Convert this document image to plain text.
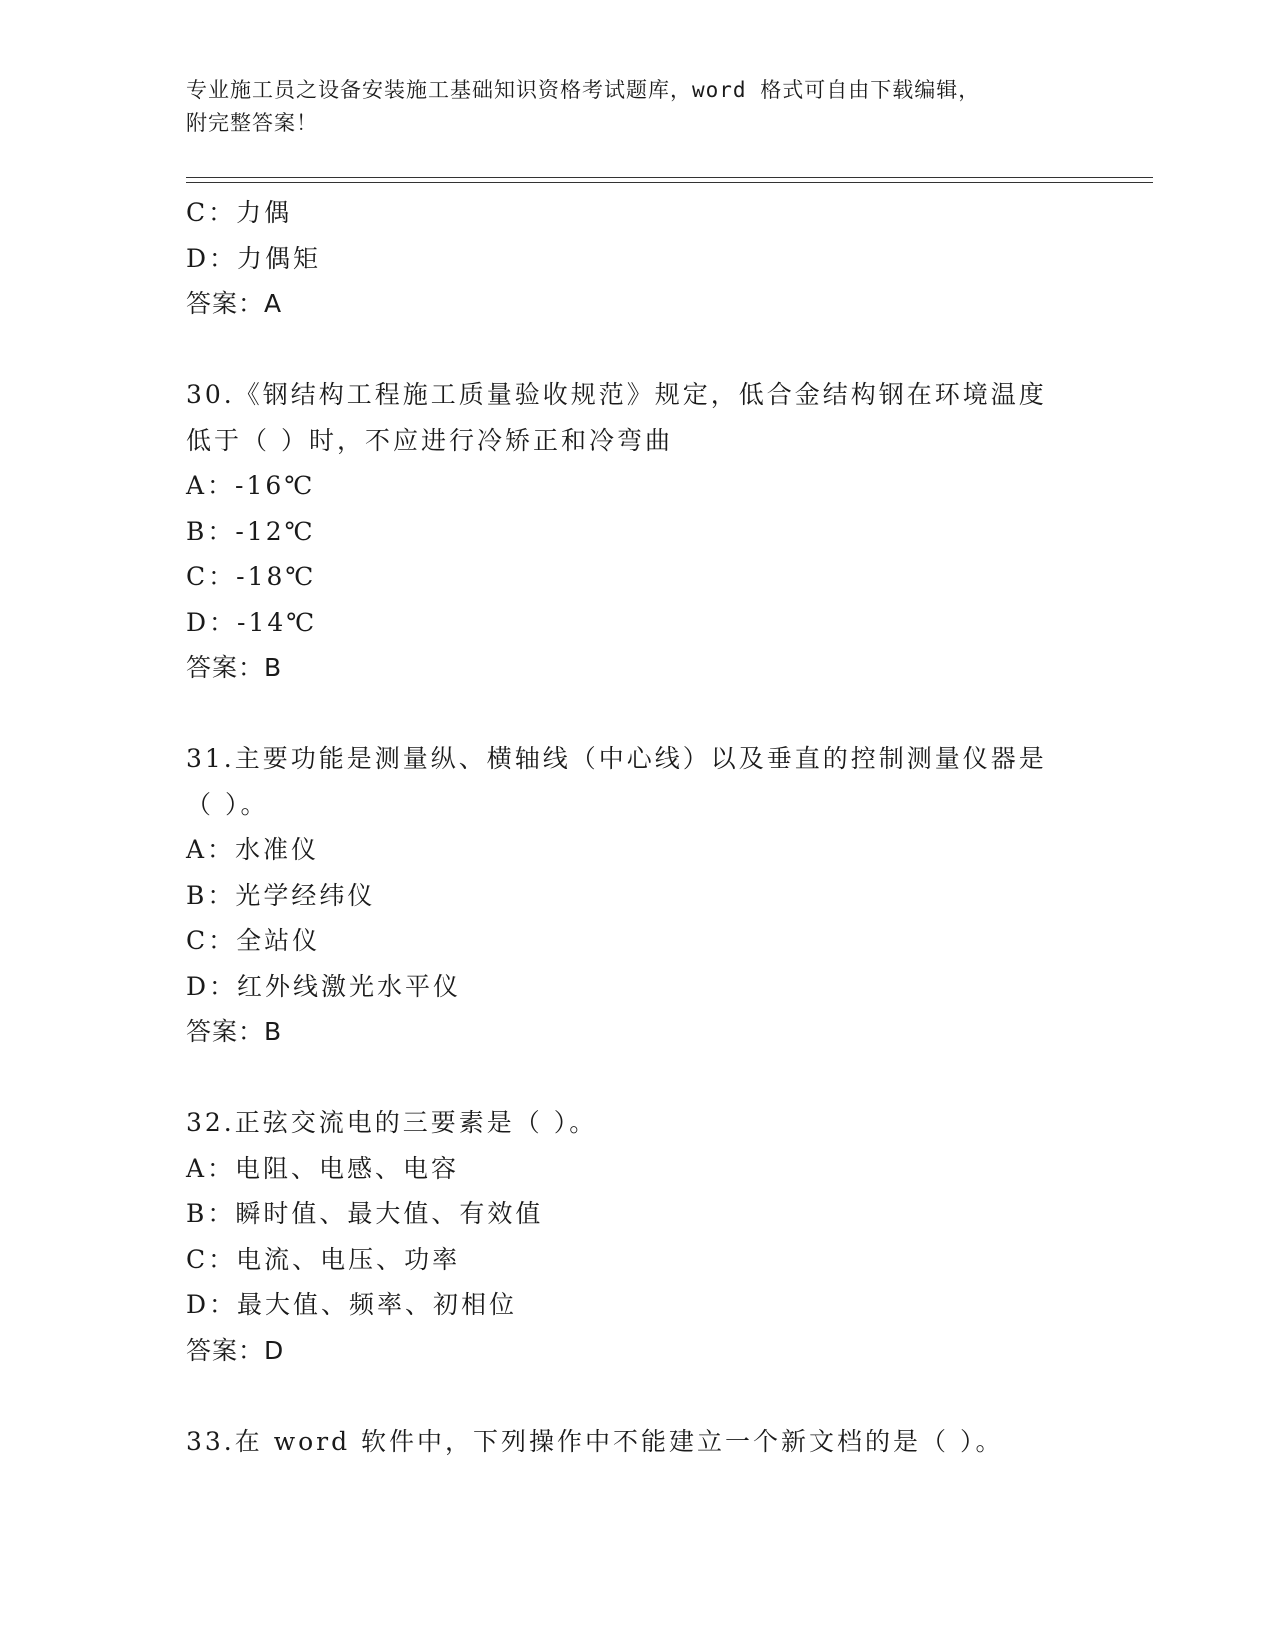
专业施工员之设备安装施工基础知识资格考试题库，word 格式可自由下载编辑，
附完整答案！
C：力偶
D：力偶矩
答案：A
30.《钢结构工程施工质量验收规范》规定，低合金结构钢在环境温度
低于（ ）时，不应进行冷矫正和冷弯曲
A：-16℃
B：-12℃
C：-18℃
D：-14℃
答案：B
31.主要功能是测量纵、横轴线（中心线）以及垂直的控制测量仪器是
（ ）。
A：水准仪
B：光学经纬仪
C：全站仪
D：红外线激光水平仪
答案：B
32.正弦交流电的三要素是（ ）。
A：电阻、电感、电容
B：瞬时值、最大值、有效值
C：电流、电压、功率
D：最大值、频率、初相位
答案：D
33.在 word 软件中，下列操作中不能建立一个新文档的是（ ）。
